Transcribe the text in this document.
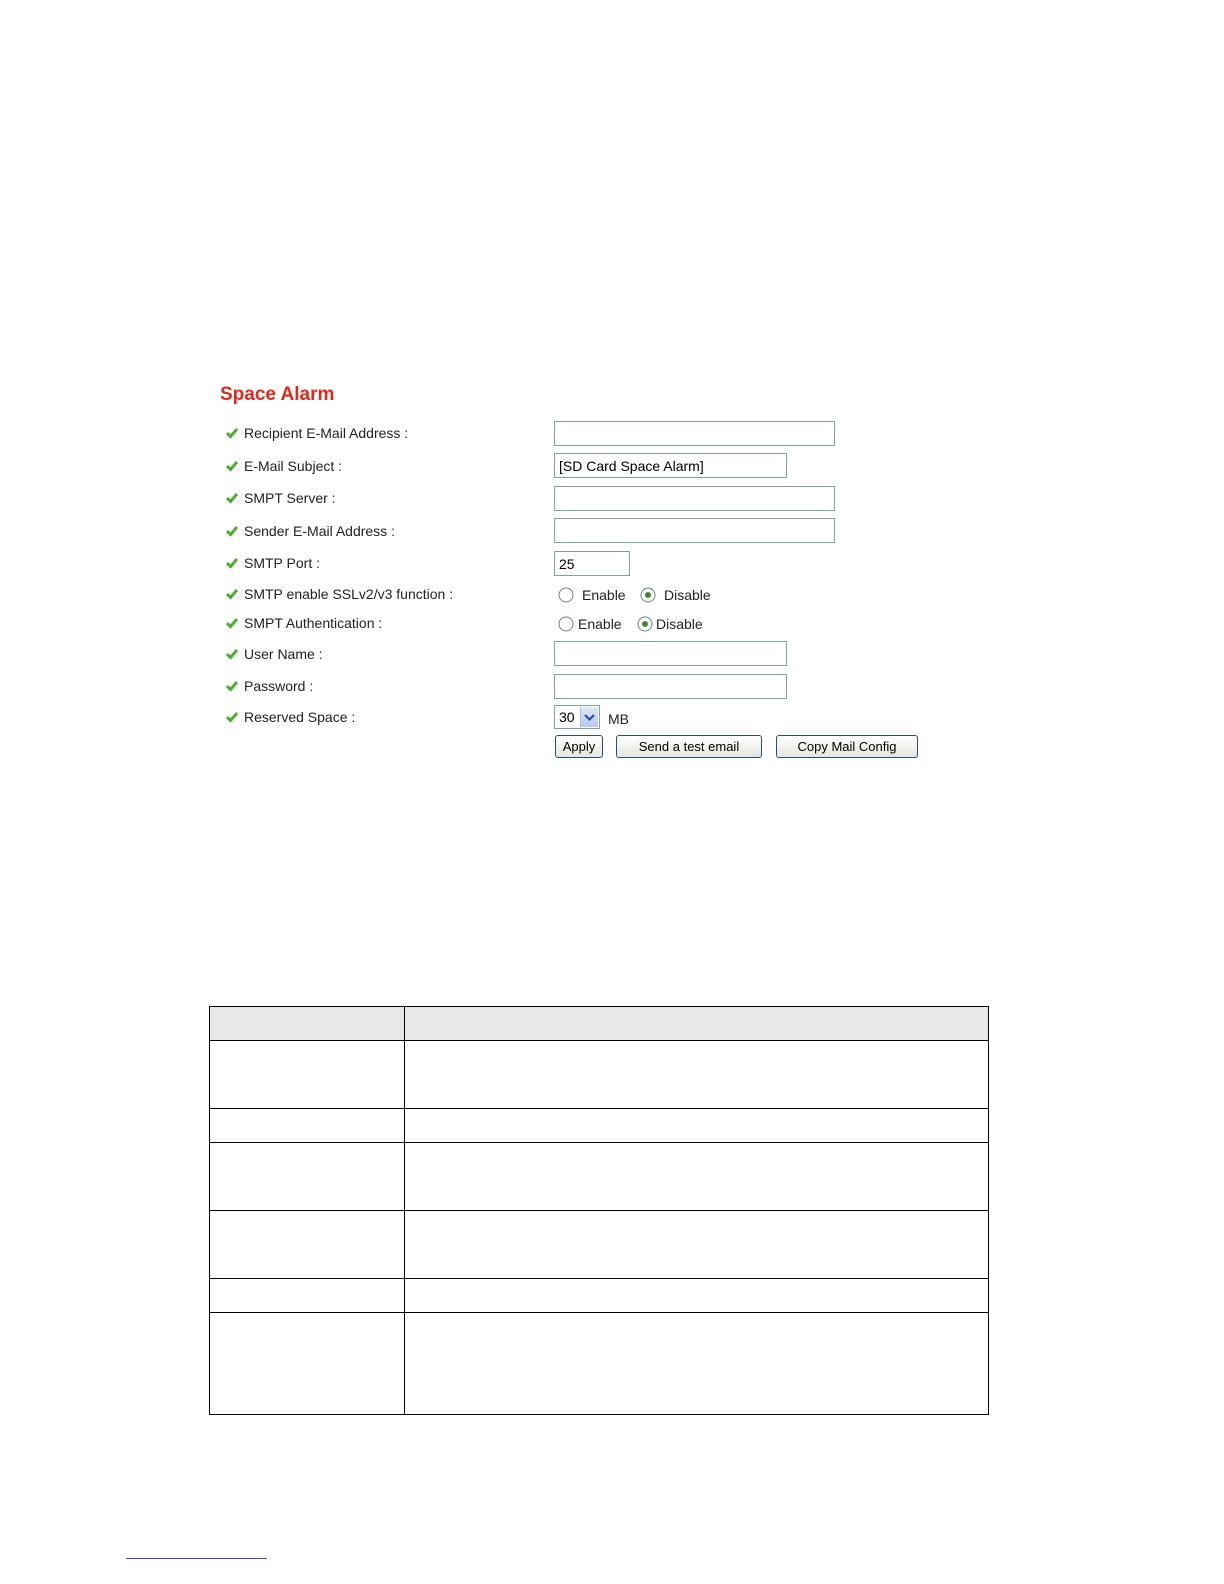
Space Alarm
Recipient E-Mail Address :
E-Mail Subject :
[SD Card Space Alarm]
SMPT Server :
Sender E-Mail Address :
SMTP Port :
25
SMTP enable SSLv2/v3 function :	Enable	Disable
SMPT Authentication :	Enable Disable
User Name :
Password :
Reserved Space :	30 MB
Apply	Send a test email	Copy Mail Config
